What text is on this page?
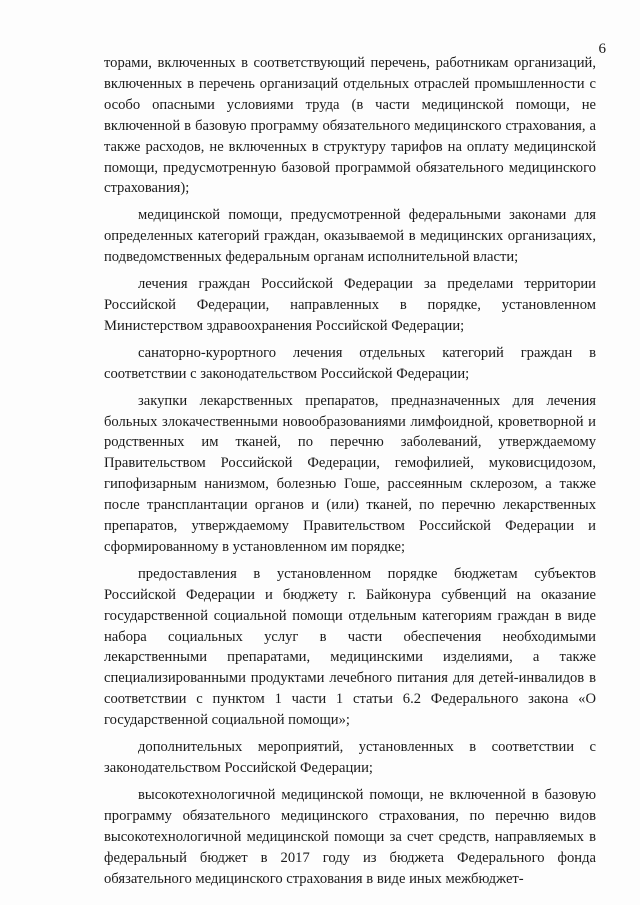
6

торами, включенных в соответствующий перечень, работникам организаций, включенных в перечень организаций отдельных отраслей промышленности с особо опасными условиями труда (в части медицинской помощи, не включенной в базовую программу обязательного медицинского страхования, а также расходов, не включенных в структуру тарифов на оплату медицинской помощи, предусмотренную базовой программой обязательного медицинского страхования);

медицинской помощи, предусмотренной федеральными законами для определенных категорий граждан, оказываемой в медицинских организациях, подведомственных федеральным органам исполнительной власти;

лечения граждан Российской Федерации за пределами территории Российской Федерации, направленных в порядке, установленном Министерством здравоохранения Российской Федерации;

санаторно-курортного лечения отдельных категорий граждан в соответствии с законодательством Российской Федерации;

закупки лекарственных препаратов, предназначенных для лечения больных злокачественными новообразованиями лимфоидной, кроветворной и родственных им тканей, по перечню заболеваний, утверждаемому Правительством Российской Федерации, гемофилией, муковисцидозом, гипофизарным нанизмом, болезнью Гоше, рассеянным склерозом, а также после трансплантации органов и (или) тканей, по перечню лекарственных препаратов, утверждаемому Правительством Российской Федерации и сформированному в установленном им порядке;

предоставления в установленном порядке бюджетам субъектов Российской Федерации и бюджету г. Байконура субвенций на оказание государственной социальной помощи отдельным категориям граждан в виде набора социальных услуг в части обеспечения необходимыми лекарственными препаратами, медицинскими изделиями, а также специализированными продуктами лечебного питания для детей-инвалидов в соответствии с пунктом 1 части 1 статьи 6.2 Федерального закона «О государственной социальной помощи»;

дополнительных мероприятий, установленных в соответствии с законодательством Российской Федерации;

высокотехнологичной медицинской помощи, не включенной в базовую программу обязательного медицинского страхования, по перечню видов высокотехнологичной медицинской помощи за счет средств, направляемых в федеральный бюджет в 2017 году из бюджета Федерального фонда обязательного медицинского страхования в виде иных межбюджет-
